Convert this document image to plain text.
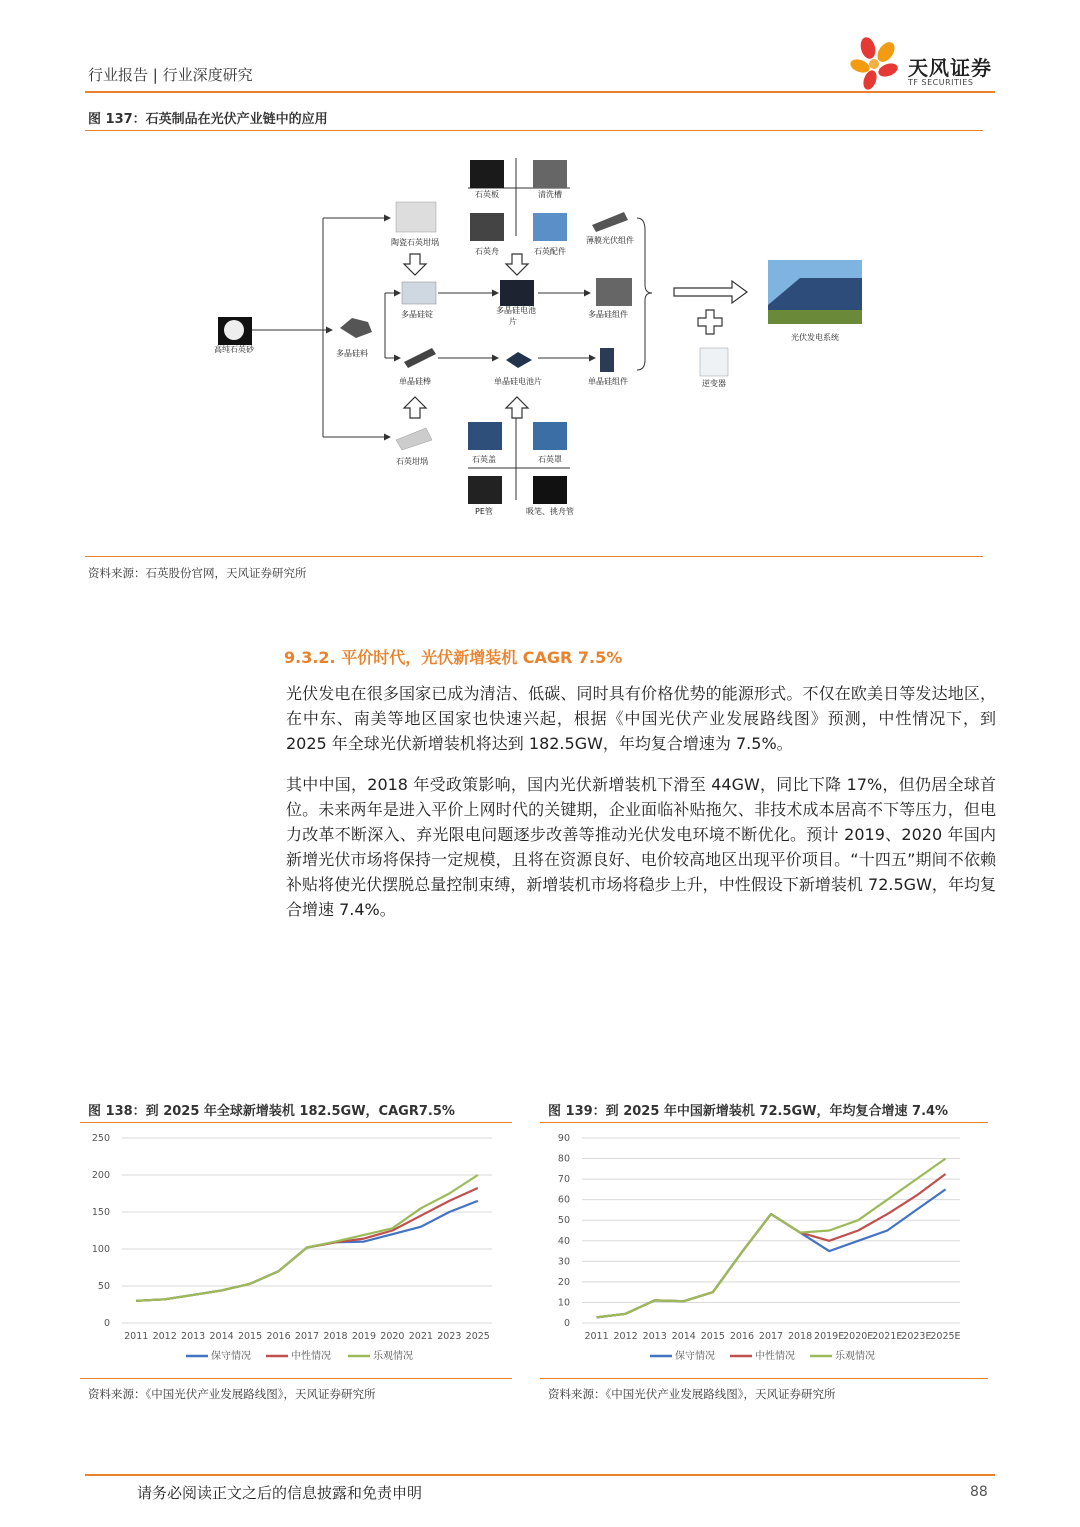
行业报告 | 行业深度研究	天风证券
TF SECURITIES
图 137：石英制品在光伏产业链中的应用
高纯石英砂	多晶硅料
陶瓷石英坩埚
多晶硅锭
单晶硅棒
石英坩埚
石英板	清洗槽
石英舟	石英配件
多晶硅电池
片
单晶硅电池片
薄膜光伏组件
多晶硅组件
单晶硅组件
石英盖	石英罩
PE管	吸笔、挑舟管
逆变器
光伏发电系统
资料来源：石英股份官网，天风证券研究所
9.3.2. 平价时代，光伏新增装机 CAGR 7.5%
光伏发电在很多国家已成为清洁、低碳、同时具有价格优势的能源形式。不仅在欧美日等发达地区，在中东、南美等地区国家也快速兴起，根据《中国光伏产业发展路线图》预测，中性情况下，到 2025 年全球光伏新增装机将达到 182.5GW，年均复合增速为 7.5%。
其中中国，2018 年受政策影响，国内光伏新增装机下滑至 44GW，同比下降 17%，但仍居全球首位。未来两年是进入平价上网时代的关键期，企业面临补贴拖欠、非技术成本居高不下等压力，但电力改革不断深入、弃光限电问题逐步改善等推动光伏发电环境不断优化。预计 2019、2020 年国内新增光伏市场将保持一定规模，且将在资源良好、电价较高地区出现平价项目。“十四五”期间不依赖补贴将使光伏摆脱总量控制束缚，新增装机市场将稳步上升，中性假设下新增装机 72.5GW，年均复合增速 7.4%。
图 138：到 2025 年全球新增装机 182.5GW，CAGR7.5%
0
50
100
150
200
250
2011 2012 2013 2014 2015 2016 2017 2018 2019 2020 2021 2023 2025
保守情况	中性情况	乐观情况
资料来源：《中国光伏产业发展路线图》，天风证券研究所
图 139：到 2025 年中国新增装机 72.5GW，年均复合增速 7.4%
0
10
20
30
40
50
60
70
80
90
2011 2012 2013 2014 2015 2016 2017 2018 2019E
2020E
2021E
2023E
2025E
保守情况	中性情况	乐观情况
资料来源：《中国光伏产业发展路线图》，天风证券研究所
请务必阅读正文之后的信息披露和免责申明	88
